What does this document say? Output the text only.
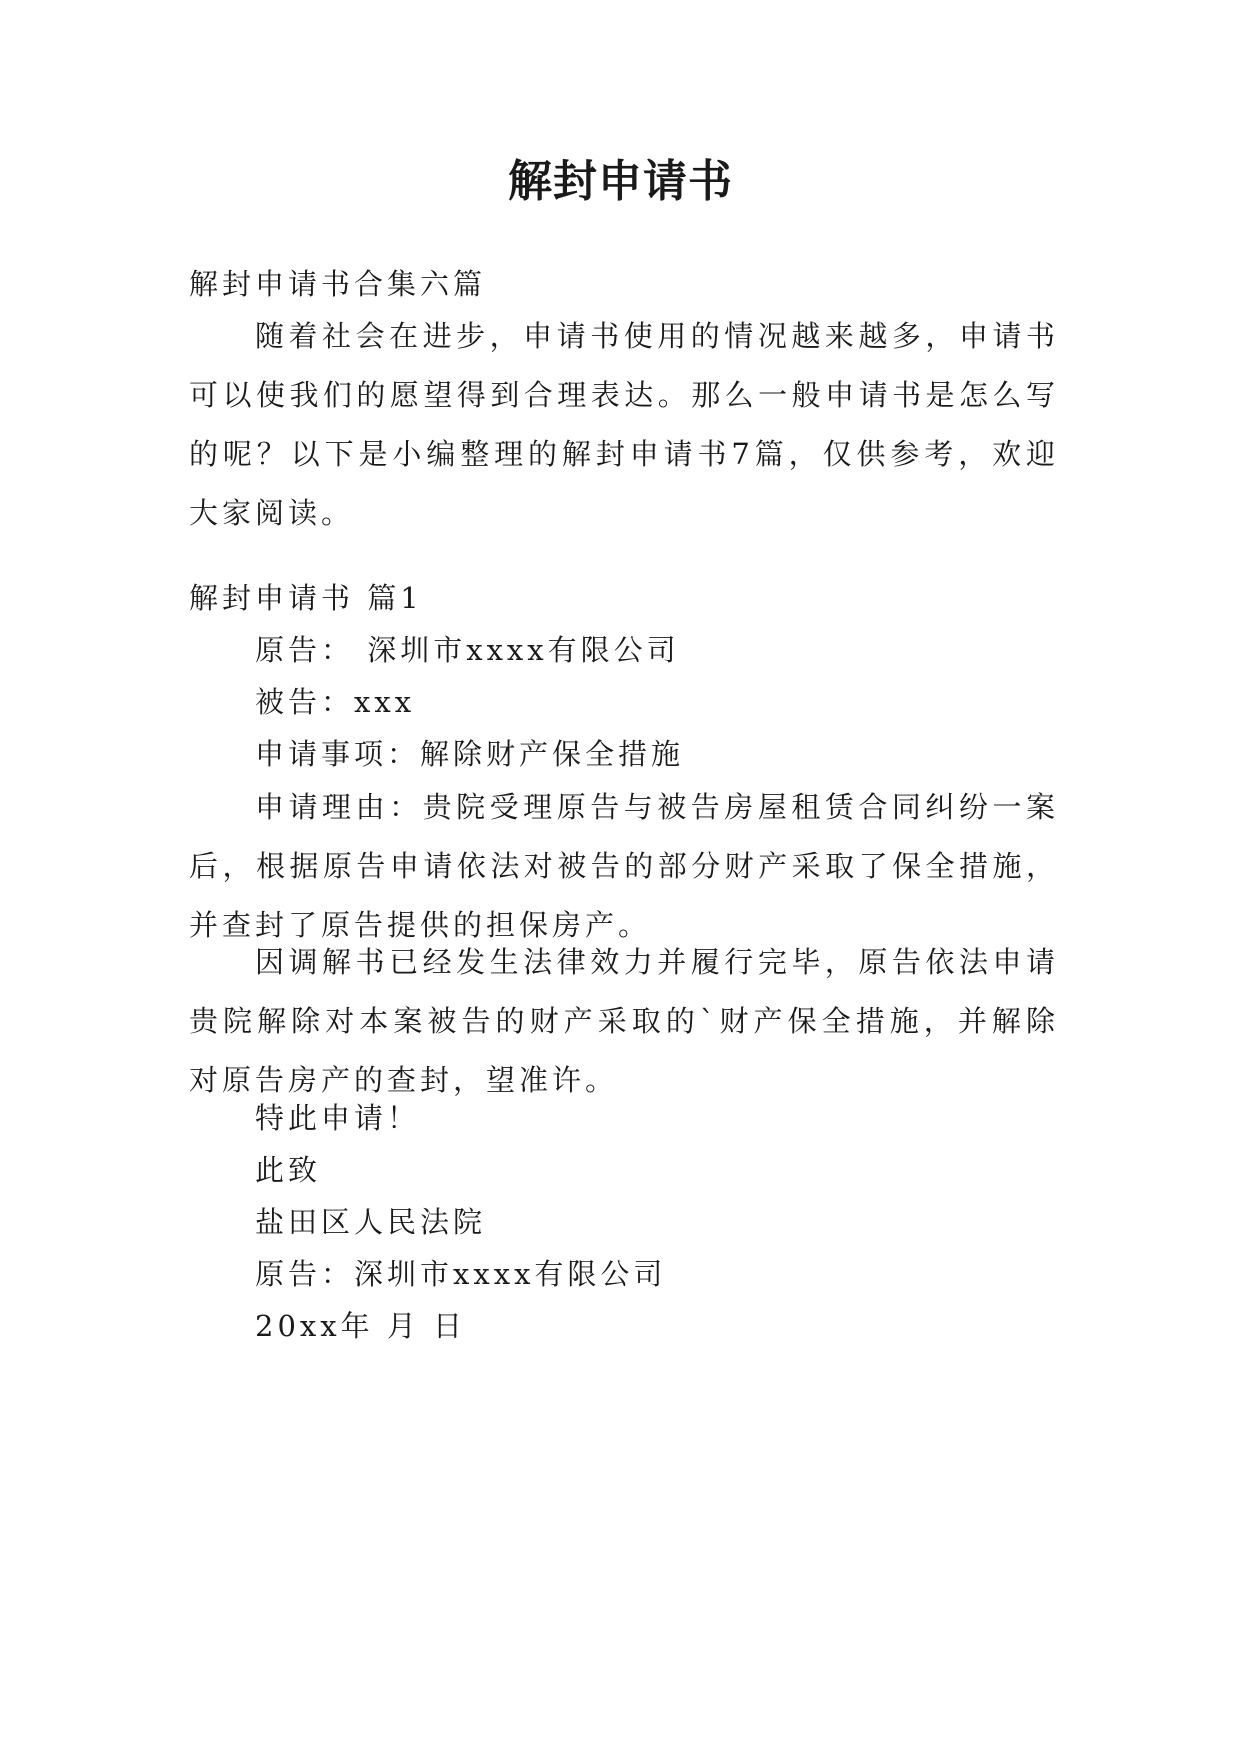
解封申请书
解封申请书合集六篇
随着社会在进步，申请书使用的情况越来越多，申请书可以使我们的愿望得到合理表达。那么一般申请书是怎么写的呢？以下是小编整理的解封申请书7篇，仅供参考，欢迎大家阅读。
解封申请书 篇1
原告： 深圳市xxxx有限公司
被告：xxx
申请事项：解除财产保全措施
申请理由：贵院受理原告与被告房屋租赁合同纠纷一案后，根据原告申请依法对被告的部分财产采取了保全措施，并查封了原告提供的担保房产。
因调解书已经发生法律效力并履行完毕，原告依法申请贵院解除对本案被告的财产采取的`财产保全措施，并解除对原告房产的查封，望准许。
特此申请！
此致
盐田区人民法院
原告：深圳市xxxx有限公司
20xx年 月 日
